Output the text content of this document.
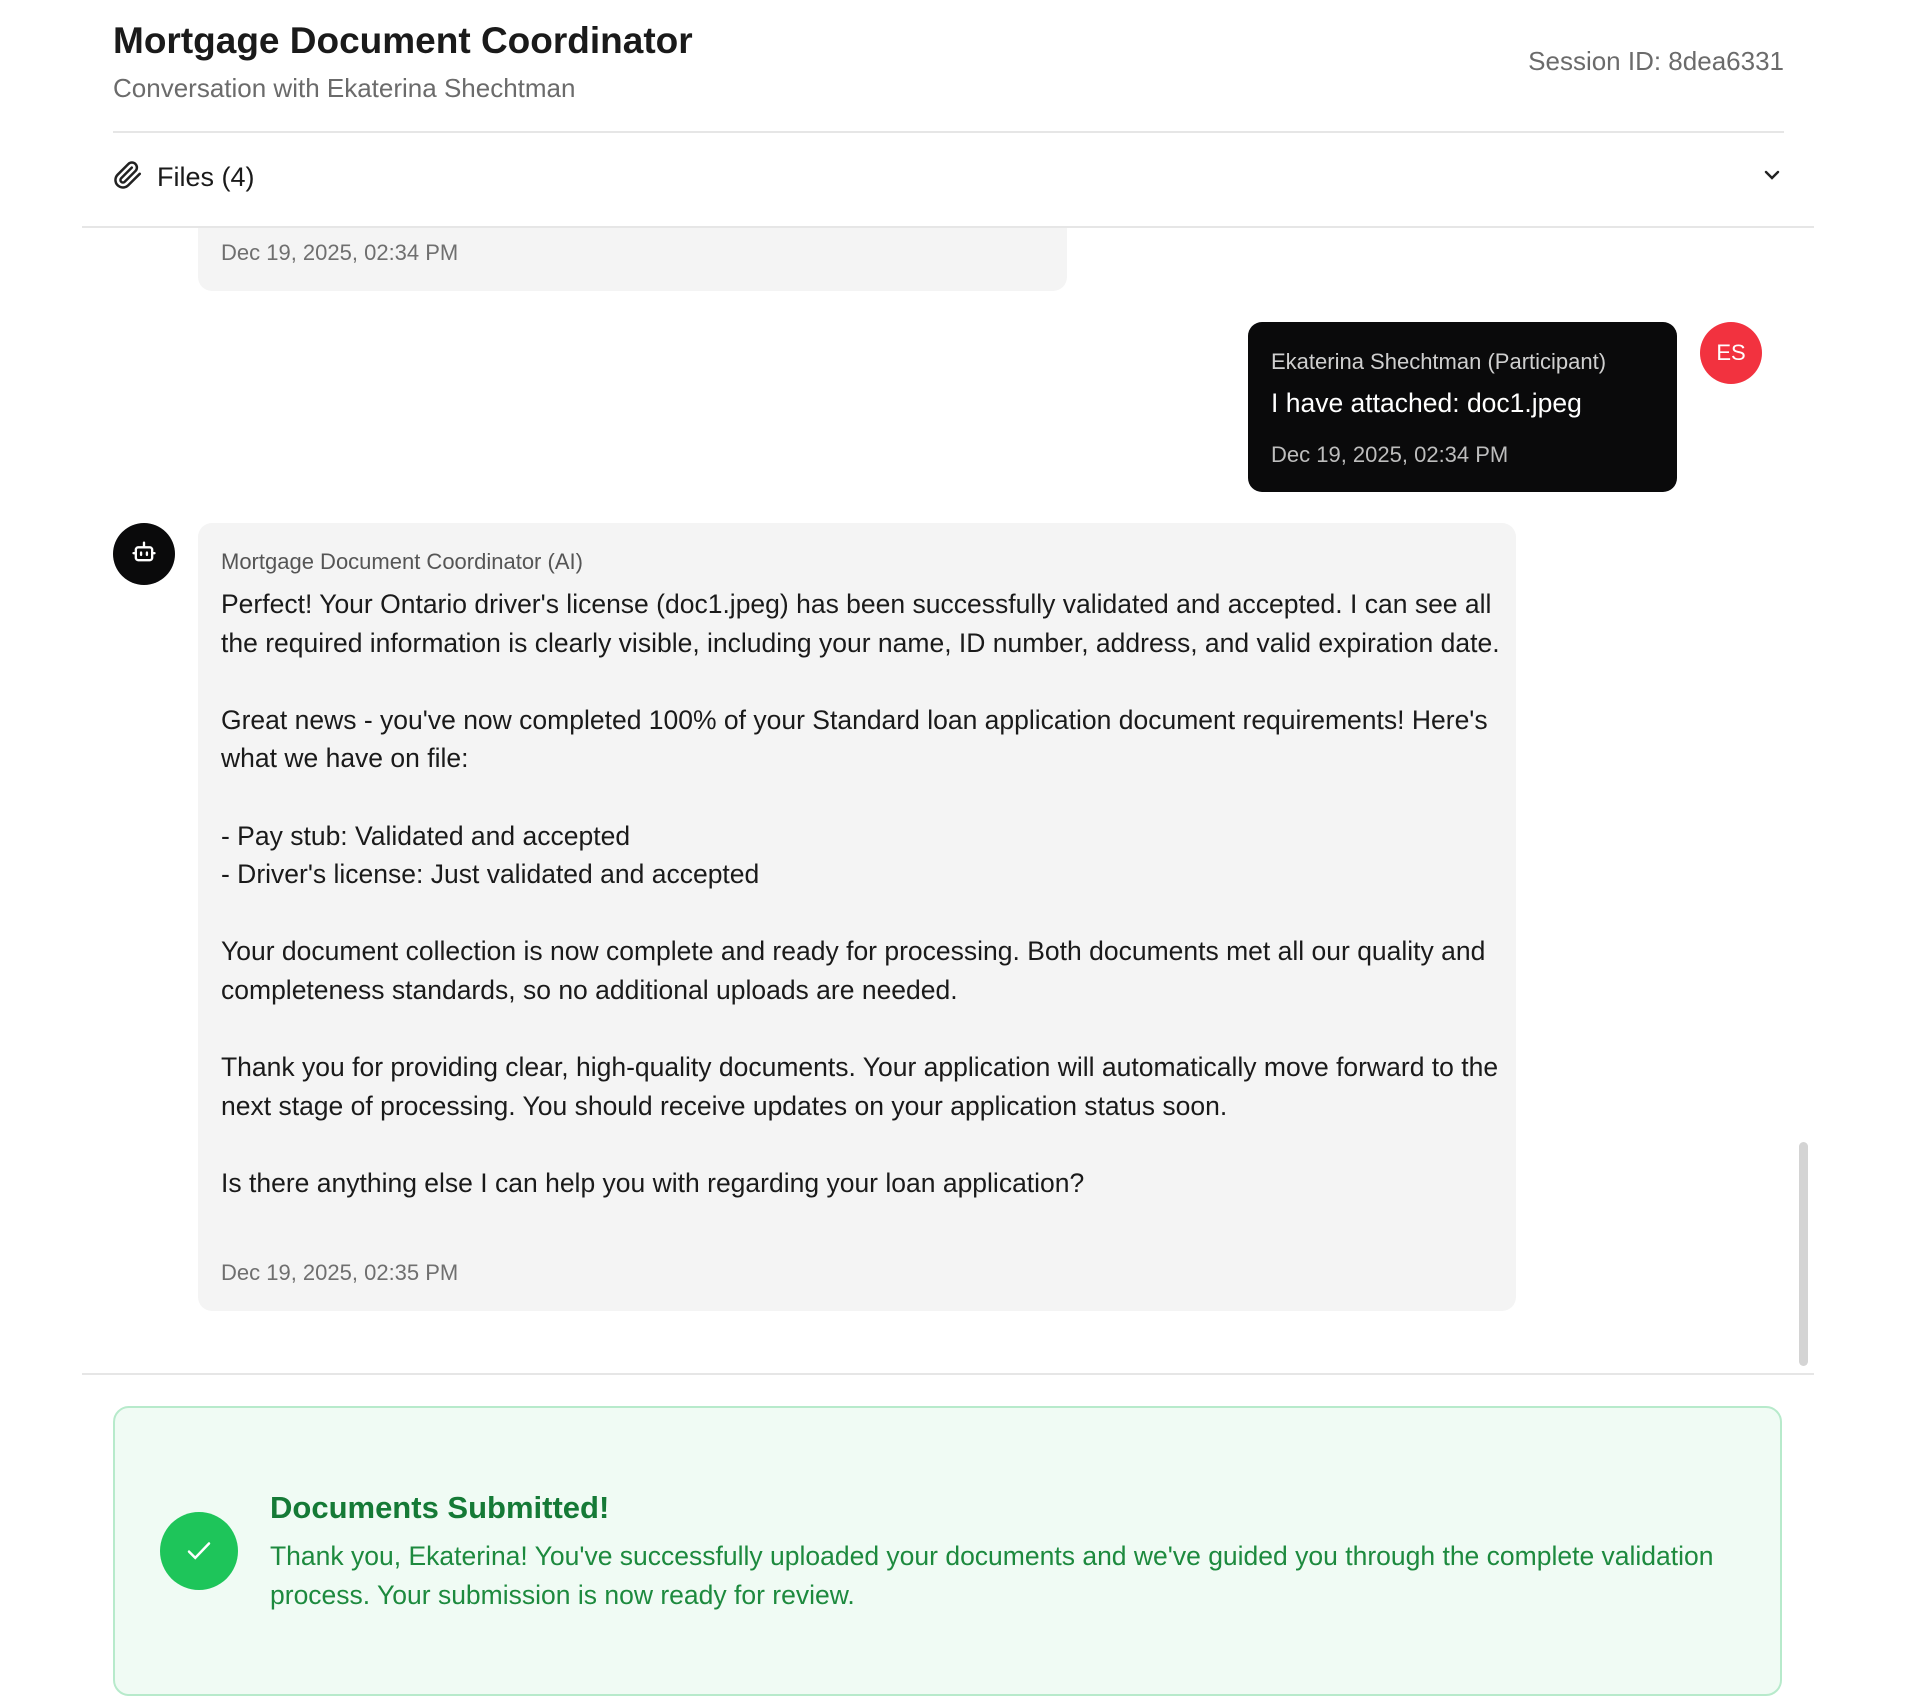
Mortgage Document Coordinator
Conversation with Ekaterina Shechtman
Session ID: 8dea6331
Files (4)
Dec 19, 2025, 02:34 PM
Ekaterina Shechtman (Participant)
I have attached: doc1.jpeg
Dec 19, 2025, 02:34 PM
ES
Mortgage Document Coordinator (AI)
Perfect! Your Ontario driver's license (doc1.jpeg) has been successfully validated and accepted. I can see all the required information is clearly visible, including your name, ID number, address, and valid expiration date.

Great news - you've now completed 100% of your Standard loan application document requirements! Here's what we have on file:

- Pay stub: Validated and accepted
- Driver's license: Just validated and accepted

Your document collection is now complete and ready for processing. Both documents met all our quality and completeness standards, so no additional uploads are needed.

Thank you for providing clear, high-quality documents. Your application will automatically move forward to the next stage of processing. You should receive updates on your application status soon.

Is there anything else I can help you with regarding your loan application?
Dec 19, 2025, 02:35 PM
Documents Submitted!
Thank you, Ekaterina! You've successfully uploaded your documents and we've guided you through the complete validation process. Your submission is now ready for review.
